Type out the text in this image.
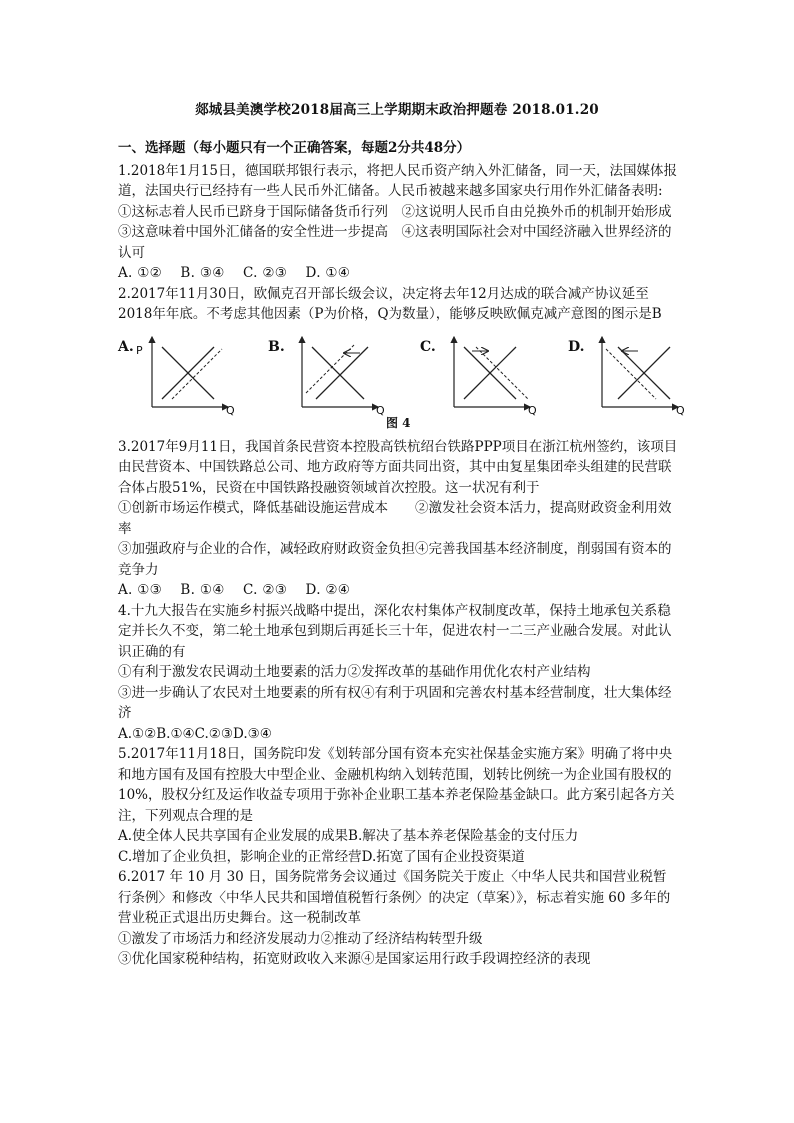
郯城县美澳学校2018届高三上学期期末政治押题卷 2018.01.20

一、选择题（每小题只有一个正确答案，每题2分共48分）

1.2018年1月15日，德国联邦银行表示，将把人民币资产纳入外汇储备，同一天，法国媒体报道，法国央行已经持有一些人民币外汇储备。人民币被越来越多国家央行用作外汇储备表明:

①这标志着人民币已跻身于国际储备货币行列　②这说明人民币自由兑换外币的机制开始形成③这意味着中国外汇储备的安全性进一步提高　④这表明国际社会对中国经济融入世界经济的认可

A. ①②　 B. ③④　 C. ②③　 D. ①④

2.2017年11月30日，欧佩克召开部长级会议，决定将去年12月达成的联合减产协议延至2018年年底。不考虑其他因素（P为价格，Q为数量），能够反映欧佩克减产意图的图示是B

A.	B.	C.	D.
P
Q	Q	Q	Q
图 4

3.2017年9月11日，我国首条民营资本控股高铁杭绍台铁路PPP项目在浙江杭州签约，该项目由民营资本、中国铁路总公司、地方政府等方面共同出资，其中由复星集团牵头组建的民营联合体占股51%，民资在中国铁路投融资领域首次控股。这一状况有利于

①创新市场运作模式，降低基础设施运营成本　　②激发社会资本活力，提高财政资金利用效率

③加强政府与企业的合作，减轻政府财政资金负担④完善我国基本经济制度，削弱国有资本的竞争力

A. ①③　 B. ①④　 C. ②③　 D. ②④

4.十九大报告在实施乡村振兴战略中提出，深化农村集体产权制度改革，保持土地承包关系稳定并长久不变，第二轮土地承包到期后再延长三十年，促进农村一二三产业融合发展。对此认识正确的有

①有利于激发农民调动土地要素的活力②发挥改革的基础作用优化农村产业结构

③进一步确认了农民对土地要素的所有权④有利于巩固和完善农村基本经营制度，壮大集体经济

A.①②B.①④C.②③D.③④

5.2017年11月18日，国务院印发《划转部分国有资本充实社保基金实施方案》明确了将中央和地方国有及国有控股大中型企业、金融机构纳入划转范围，划转比例统一为企业国有股权的10%，股权分红及运作收益专项用于弥补企业职工基本养老保险基金缺口。此方案引起各方关注，下列观点合理的是

A.使全体人民共享国有企业发展的成果B.解决了基本养老保险基金的支付压力

C.增加了企业负担，影响企业的正常经营D.拓宽了国有企业投资渠道

6.2017 年 10 月 30 日，国务院常务会议通过《国务院关于废止〈中华人民共和国营业税暂行条例〉和修改〈中华人民共和国增值税暂行条例〉的决定（草案）》，标志着实施 60 多年的营业税正式退出历史舞台。这一税制改革

①激发了市场活力和经济发展动力②推动了经济结构转型升级

③优化国家税种结构，拓宽财政收入来源④是国家运用行政手段调控经济的表现
